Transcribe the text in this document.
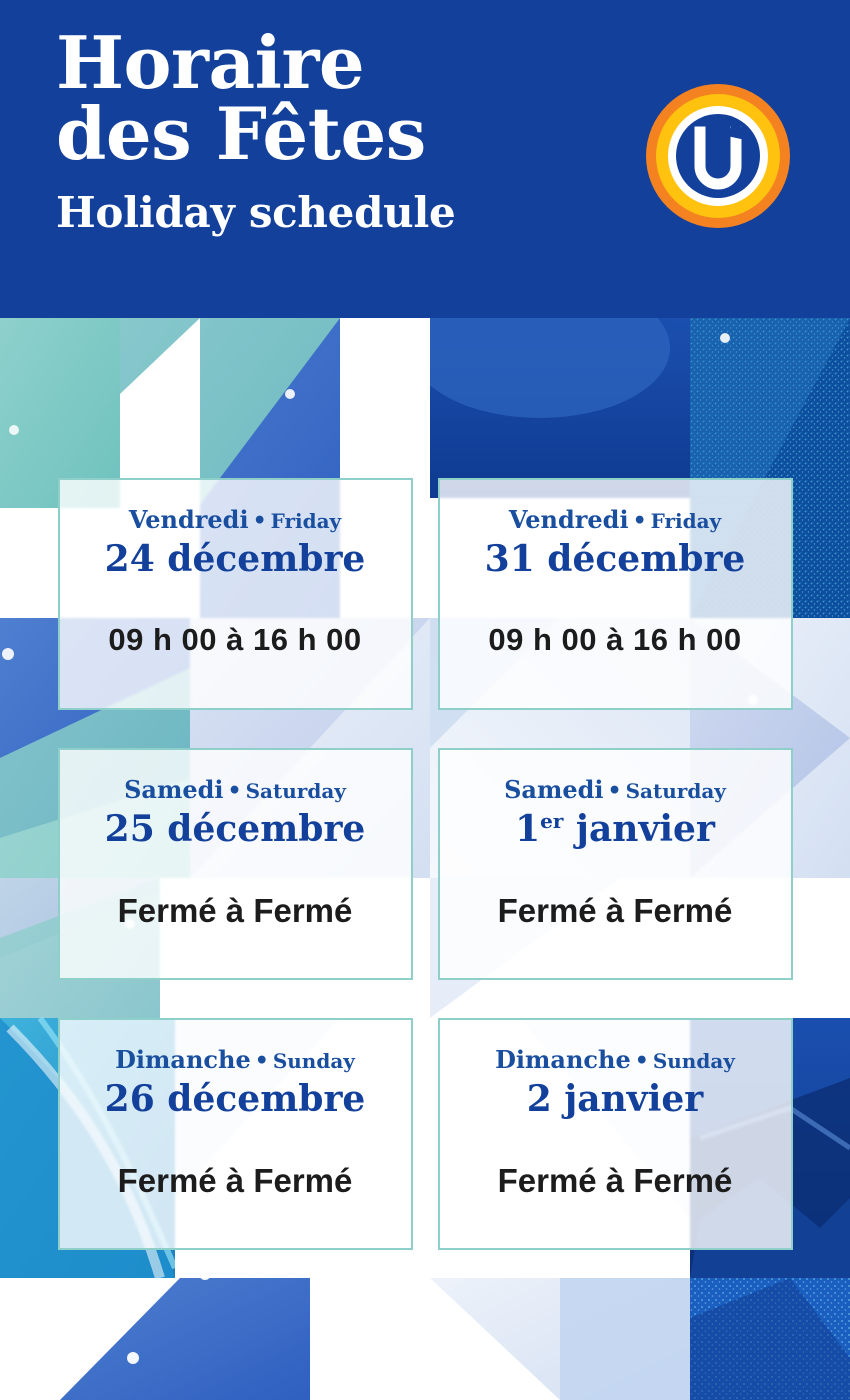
Horaire
des Fêtes
Holiday schedule
Vendredi • Friday
24 décembre
09 h 00 à 16 h 00
Vendredi • Friday
31 décembre
09 h 00 à 16 h 00
Samedi • Saturday
25 décembre
Fermé à Fermé
Samedi • Saturday
1er janvier
Fermé à Fermé
Dimanche • Sunday
26 décembre
Fermé à Fermé
Dimanche • Sunday
2 janvier
Fermé à Fermé
